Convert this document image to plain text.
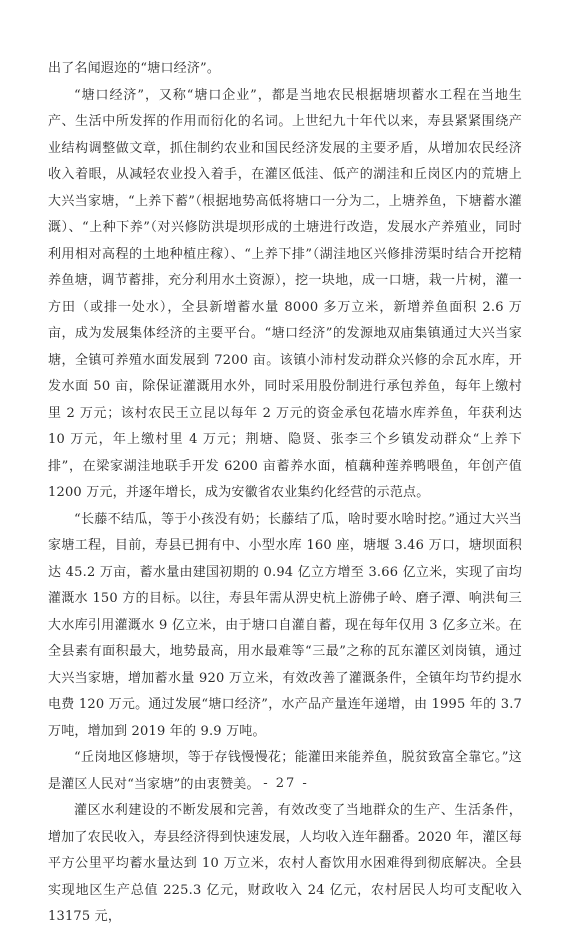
出了名闻遐迩的“塘口经济”。

“塘口经济”，又称“塘口企业”，都是当地农民根据塘坝蓄水工程在当地生产、生活中所发挥的作用而衍化的名词。上世纪九十年代以来，寿县紧紧围绕产业结构调整做文章，抓住制约农业和国民经济发展的主要矛盾，从增加农民经济收入着眼，从减轻农业投入着手，在灌区低洼、低产的湖洼和丘岗区内的荒塘上大兴当家塘，“上养下蓄”（根据地势高低将塘口一分为二，上塘养鱼，下塘蓄水灌溉）、“上种下养”（对兴修防洪堤坝形成的土塘进行改造，发展水产养殖业，同时利用相对高程的土地种植庄稼）、“上养下排”（湖洼地区兴修排涝渠时结合开挖精养鱼塘，调节蓄排，充分利用水土资源），挖一块地，成一口塘，栽一片树，灌一方田（或排一处水），全县新增蓄水量 8000 多万立米，新增养鱼面积 2.6 万亩，成为发展集体经济的主要平台。“塘口经济”的发源地双庙集镇通过大兴当家塘，全镇可养殖水面发展到 7200 亩。该镇小沛村发动群众兴修的佘瓦水库，开发水面 50 亩，除保证灌溉用水外，同时采用股份制进行承包养鱼，每年上缴村里 2 万元；该村农民王立昆以每年 2 万元的资金承包花墙水库养鱼，年获利达 10 万元，年上缴村里 4 万元；荆塘、隐贤、张李三个乡镇发动群众“上养下排”，在梁家湖洼地联手开发 6200 亩蓄养水面，植藕种莲养鸭喂鱼，年创产值 1200 万元，并逐年增长，成为安徽省农业集约化经营的示范点。

“长藤不结瓜，等于小孩没有奶；长藤结了瓜，啥时要水啥时挖。”通过大兴当家塘工程，目前，寿县已拥有中、小型水库 160 座，塘堰 3.46 万口，塘坝面积达 45.2 万亩，蓄水量由建国初期的 0.94 亿立方增至 3.66 亿立米，实现了亩均灌溉水 150 方的目标。以往，寿县年需从淠史杭上游佛子岭、磨子潭、响洪甸三大水库引用灌溉水 9 亿立米，由于塘口自灌自蓄，现在每年仅用 3 亿多立米。在全县素有面积最大，地势最高，用水最难等“三最”之称的瓦东灌区刘岗镇，通过大兴当家塘，增加蓄水量 920 万立米，有效改善了灌溉条件，全镇年均节约提水电费 120 万元。通过发展“塘口经济”，水产品产量连年递增，由 1995 年的 3.7 万吨，增加到 2019 年的 9.9 万吨。

“丘岗地区修塘坝，等于存钱慢慢花；能灌田来能养鱼，脱贫致富全靠它。”这是灌区人民对“当家塘”的由衷赞美。

灌区水利建设的不断发展和完善，有效改变了当地群众的生产、生活条件，增加了农民收入，寿县经济得到快速发展，人均收入连年翻番。2020 年，灌区每平方公里平均蓄水量达到 10 万立米，农村人畜饮用水困难得到彻底解决。全县实现地区生产总值 225.3 亿元，财政收入 24 亿元，农村居民人均可支配收入 13175 元，

- 27 -
